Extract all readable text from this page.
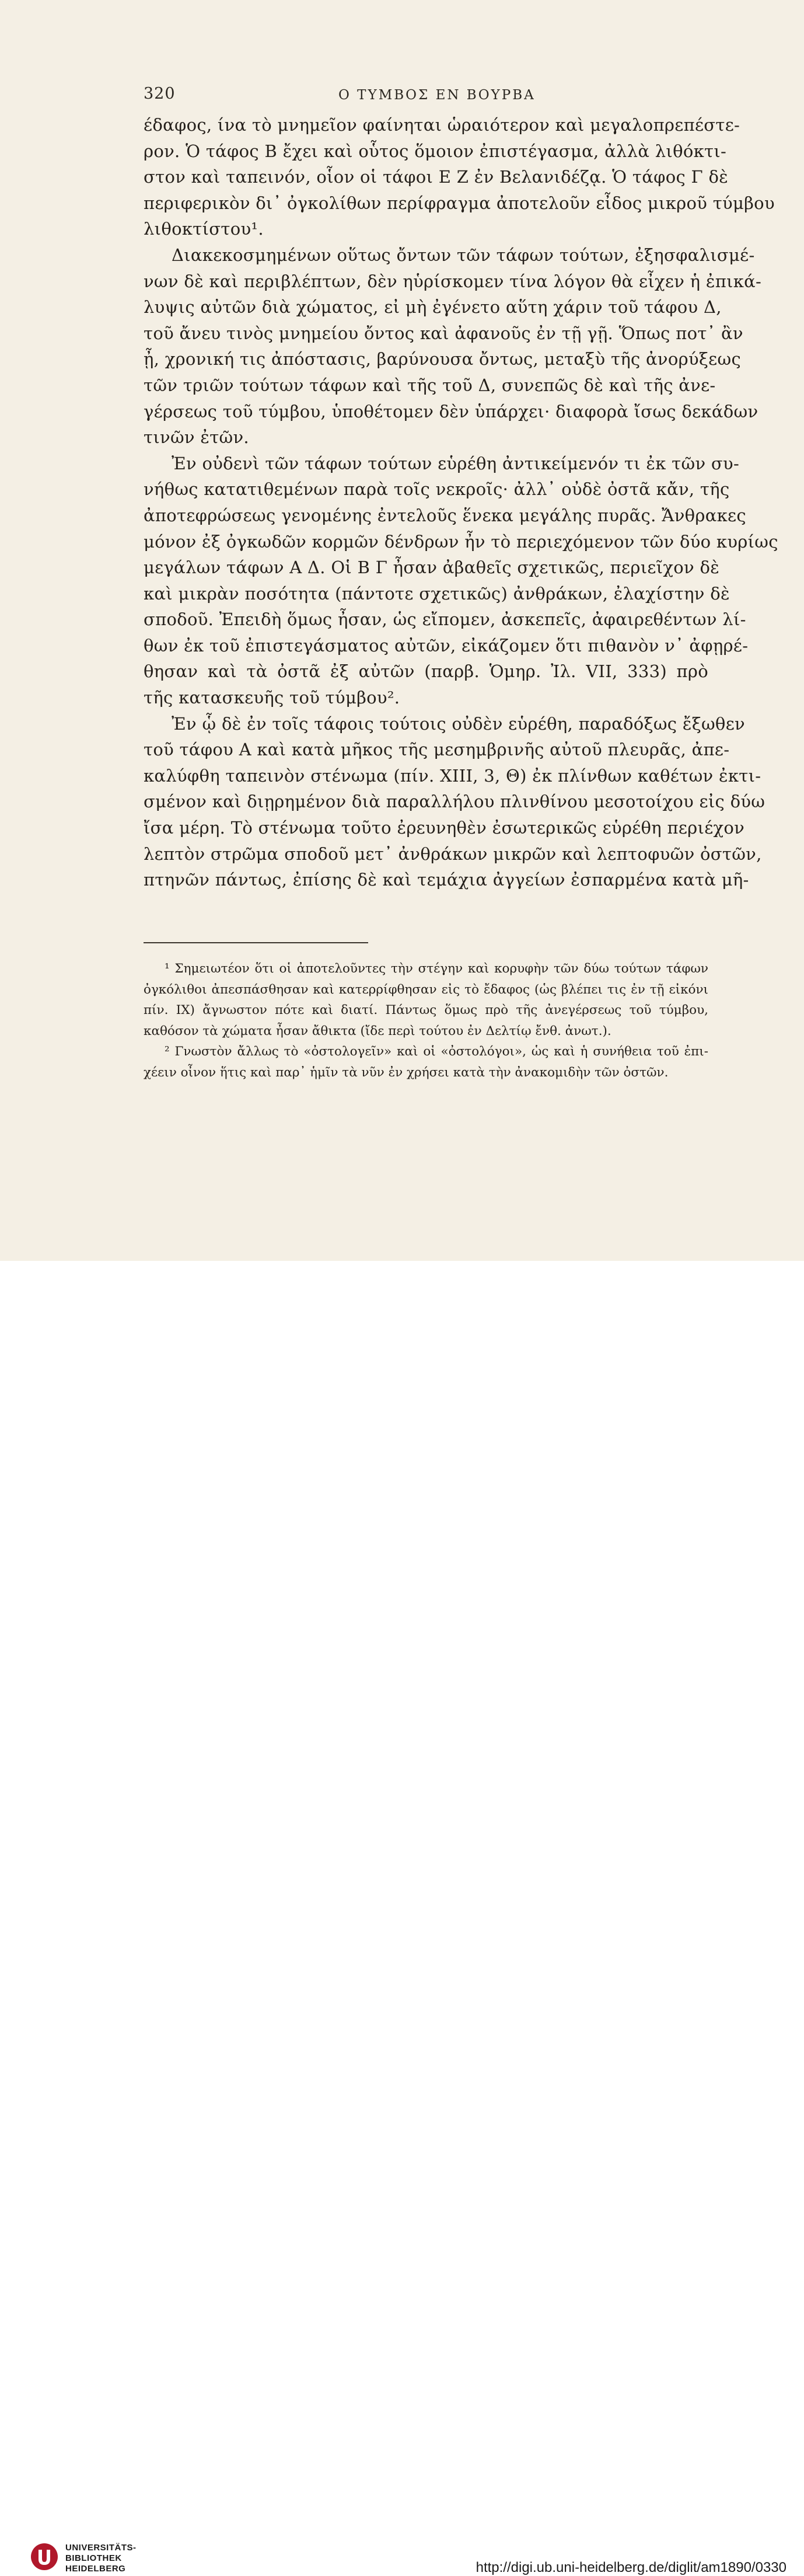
320	Ο ΤΥΜΒΟΣ ΕΝ ΒΟΥΡΒΑ
έδαφος, ίνα τὸ μνημεῖον φαίνηται ὡραιότερον καὶ μεγαλοπρεπέστε-
ρον. Ὁ τάφος Β ἔχει καὶ οὗτος ὅμοιον ἐπιστέγασμα, ἀλλὰ λιθόκτι-
στον καὶ ταπεινόν, οἷον οἱ τάφοι Ε Ζ ἐν Βελανιδέζᾳ. Ὁ τάφος Γ δὲ
περιφερικὸν δι᾽ ὀγκολίθων περίφραγμα ἀποτελοῦν εἶδος μικροῦ τύμβου
λιθοκτίστου¹.
Διακεκοσμημένων οὕτως ὄντων τῶν τάφων τούτων, ἐξησφαλισμέ-
νων δὲ καὶ περιβλέπτων, δὲν ηὑρίσκομεν τίνα λόγον θὰ εἶχεν ἡ ἐπικά-
λυψις αὐτῶν διὰ χώματος, εἰ μὴ ἐγένετο αὕτη χάριν τοῦ τάφου Δ,
τοῦ ἄνευ τινὸς μνημείου ὄντος καὶ ἀφανοῦς ἐν τῇ γῇ. Ὅπως ποτ᾽ ἂν
ᾖ, χρονική τις ἀπόστασις, βαρύνουσα ὄντως, μεταξὺ τῆς ἀνορύξεως
τῶν τριῶν τούτων τάφων καὶ τῆς τοῦ Δ, συνεπῶς δὲ καὶ τῆς ἀνε-
γέρσεως τοῦ τύμβου, ὑποθέτομεν δὲν ὑπάρχει· διαφορὰ ἴσως δεκάδων
τινῶν ἐτῶν.
Ἐν οὐδενὶ τῶν τάφων τούτων εὑρέθη ἀντικείμενόν τι ἐκ τῶν συ-
νήθως κατατιθεμένων παρὰ τοῖς νεκροῖς· ἀλλ᾽ οὐδὲ ὀστᾶ κἄν, τῆς
ἀποτεφρώσεως γενομένης ἐντελοῦς ἕνεκα μεγάλης πυρᾶς. Ἄνθρακες
μόνον ἐξ ὀγκωδῶν κορμῶν δένδρων ἦν τὸ περιεχόμενον τῶν δύο κυρίως
μεγάλων τάφων Α Δ. Οἱ Β Γ ἦσαν ἀβαθεῖς σχετικῶς, περιεῖχον δὲ
καὶ μικρὰν ποσότητα (πάντοτε σχετικῶς) ἀνθράκων, ἐλαχίστην δὲ
σποδοῦ. Ἐπειδὴ ὅμως ἦσαν, ὡς εἴπομεν, ἀσκεπεῖς, ἀφαιρεθέντων λί-
θων ἐκ τοῦ ἐπιστεγάσματος αὐτῶν, εἰκάζομεν ὅτι πιθανὸν ν᾽ ἀφῃρέ-
θησαν καὶ τὰ ὀστᾶ ἐξ αὐτῶν (παρβ. Ὁμηρ. Ἰλ. VII, 333) πρὸ
τῆς κατασκευῆς τοῦ τύμβου².
Ἐν ᾧ δὲ ἐν τοῖς τάφοις τούτοις οὐδὲν εὑρέθη, παραδόξως ἔξωθεν
τοῦ τάφου Α καὶ κατὰ μῆκος τῆς μεσημβρινῆς αὐτοῦ πλευρᾶς, ἀπε-
καλύφθη ταπεινὸν στένωμα (πίν. XIII, 3, Θ) ἐκ πλίνθων καθέτων ἐκτι-
σμένον καὶ διῃρημένον διὰ παραλλήλου πλινθίνου μεσοτοίχου εἰς δύω
ἴσα μέρη. Τὸ στένωμα τοῦτο ἐρευνηθὲν ἐσωτερικῶς εὑρέθη περιέχον
λεπτὸν στρῶμα σποδοῦ μετ᾽ ἀνθράκων μικρῶν καὶ λεπτοφυῶν ὀστῶν,
πτηνῶν πάντως, ἐπίσης δὲ καὶ τεμάχια ἀγγείων ἐσπαρμένα κατὰ μῆ-
¹ Σημειωτέον ὅτι οἱ ἀποτελοῦντες τὴν στέγην καὶ κορυφὴν τῶν δύω τούτων τάφων
ὀγκόλιθοι ἀπεσπάσθησαν καὶ κατερρίφθησαν εἰς τὸ ἔδαφος (ὡς βλέπει τις ἐν τῇ εἰκόνι
πίν. IX) ἄγνωστον πότε καὶ διατί. Πάντως ὅμως πρὸ τῆς ἀνεγέρσεως τοῦ τύμβου,
καθόσον τὰ χώματα ἦσαν ἄθικτα (ἴδε περὶ τούτου ἐν Δελτίῳ ἔνθ. ἀνωτ.).
² Γνωστὸν ἄλλως τὸ «ὀστολογεῖν» καὶ οἱ «ὀστολόγοι», ὡς καὶ ἡ συνήθεια τοῦ ἐπι-
χέειν οἶνον ἥτις καὶ παρ᾽ ἡμῖν τὰ νῦν ἐν χρήσει κατὰ τὴν ἀνακομιδὴν τῶν ὀστῶν.
UNIVERSITÄTS-
BIBLIOTHEK
HEIDELBERG	http://digi.ub.uni-heidelberg.de/diglit/am1890/0330
